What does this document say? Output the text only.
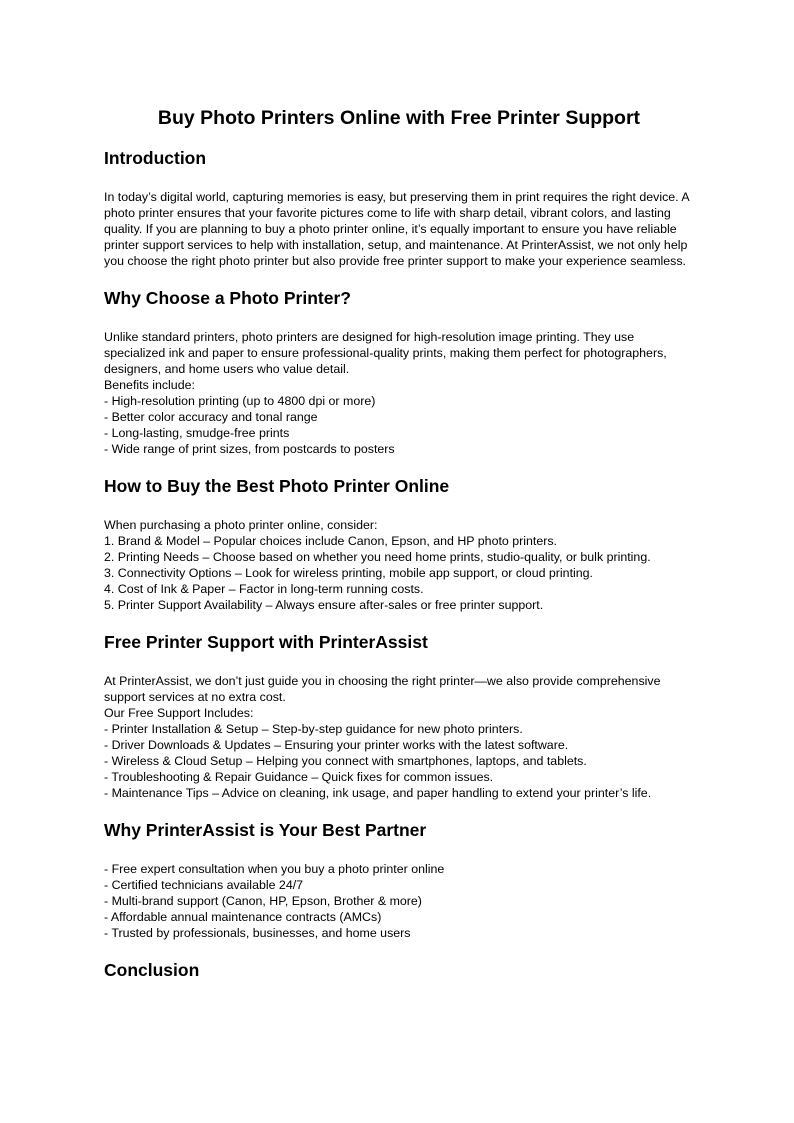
Buy Photo Printers Online with Free Printer Support
Introduction

In today’s digital world, capturing memories is easy, but preserving them in print requires the right device. A photo printer ensures that your favorite pictures come to life with sharp detail, vibrant colors, and lasting quality. If you are planning to buy a photo printer online, it’s equally important to ensure you have reliable printer support services to help with installation, setup, and maintenance. At PrinterAssist, we not only help you choose the right photo printer but also provide free printer support to make your experience seamless.

Why Choose a Photo Printer?

Unlike standard printers, photo printers are designed for high-resolution image printing. They use specialized ink and paper to ensure professional-quality prints, making them perfect for photographers, designers, and home users who value detail.

Benefits include:
- High-resolution printing (up to 4800 dpi or more)
- Better color accuracy and tonal range
- Long-lasting, smudge-free prints
- Wide range of print sizes, from postcards to posters
How to Buy the Best Photo Printer Online
When purchasing a photo printer online, consider:
1. Brand & Model – Popular choices include Canon, Epson, and HP photo printers.
2. Printing Needs – Choose based on whether you need home prints, studio-quality, or bulk printing.
3. Connectivity Options – Look for wireless printing, mobile app support, or cloud printing.
4. Cost of Ink & Paper – Factor in long-term running costs.
5. Printer Support Availability – Always ensure after-sales or free printer support.
Free Printer Support with PrinterAssist

At PrinterAssist, we don’t just guide you in choosing the right printer—we also provide comprehensive support services at no extra cost.

Our Free Support Includes:
- Printer Installation & Setup – Step-by-step guidance for new photo printers.
- Driver Downloads & Updates – Ensuring your printer works with the latest software.
- Wireless & Cloud Setup – Helping you connect with smartphones, laptops, and tablets.
- Troubleshooting & Repair Guidance – Quick fixes for common issues.
- Maintenance Tips – Advice on cleaning, ink usage, and paper handling to extend your printer’s life.
Why PrinterAssist is Your Best Partner
- Free expert consultation when you buy a photo printer online
- Certified technicians available 24/7
- Multi-brand support (Canon, HP, Epson, Brother & more)
- Affordable annual maintenance contracts (AMCs)
- Trusted by professionals, businesses, and home users
Conclusion
